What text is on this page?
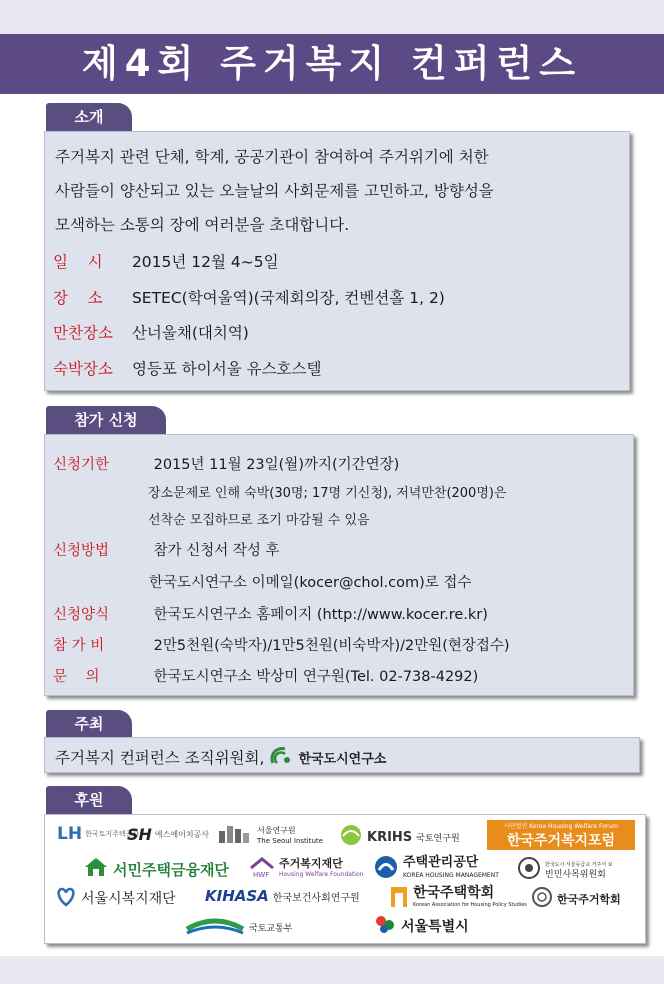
제4회 주거복지 컨퍼런스
소개
주거복지 관련 단체, 학계, 공공기관이 참여하여 주거위기에 처한
사람들이 양산되고 있는 오늘날의 사회문제를 고민하고, 방향성을
모색하는 소통의 장에 여러분을 초대합니다.
일    시 2015년 12월 4~5일
장    소 SETEC(학여울역)(국제회의장, 컨벤션홀 1, 2)
만찬장소 산너울채(대치역)
숙박장소 영등포 하이서울 유스호스텔
참가 신청
신청기한	2015년 11월 23일(월)까지(기간연장)
장소문제로 인해 숙박(30명; 17명 기신청), 저녁만찬(200명)은
선착순 모집하므로 조기 마감될 수 있음
신청방법	참가 신청서 작성 후
한국도시연구소 이메일(kocer@chol.com)로 접수
신청양식	한국도시연구소 홈페이지 (http://www.kocer.re.kr)
참 가 비	2만5천원(숙박자)/1만5천원(비숙박자)/2만원(현장접수)
문    의	한국도시연구소 박상미 연구원(Tel. 02-738-4292)
주최
주거복지 컨퍼런스 조직위원회,	한국도시연구소
후원
LH 한국토지주택공사
SH 에스에이치공사	서울연구원
The Seoul Institute	KRIHS 국토연구원
사단법인 Korea Housing Welfare Forum
한국주거복지포럼
서민주택금융재단	HWF
주거복지재단
Housing Welfare Foundation
주택관리공단
KOREA HOUSING MANAGEMENT
한국도시 서울등급교 거주서 보
빈민사목위원회
서울시복지재단 KIHASA 한국보건사회연구원	한국주택학회
Korean Association for Housing Policy Studies	한국주거학회
국토교통부	서울특별시
